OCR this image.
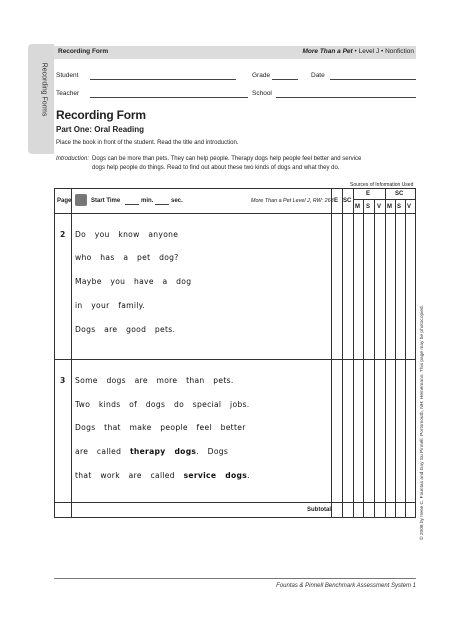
Recording Forms
Recording Form	More Than a Pet • Level J • Nonfiction
Student	Grade	Date
Teacher	School
Recording Form
Part One: Oral Reading
Place the book in front of the student. Read the title and introduction.
Introduction: Dogs can be more than pets. They can help people. Therapy dogs help people feel better and service
dogs help people do things. Read to find out about these two kinds of dogs and what they do.
Sources of Information Used
Page	Start Time	min.	sec.	More Than a Pet Level J, RW: 263 E SC
E	SC
M S V M S V
2 Do you know anyone
who has a pet dog?
Maybe you have a dog
in your family.
Dogs are good pets.
3 Some dogs are more than pets.
Two kinds of dogs do special jobs.
Dogs that make people feel better
are called therapy dogs. Dogs
that work are called service dogs.
Subtotal	© 2008 by Irene C. Fountas and Gay Su Pinnell. Portsmouth, NH: Heinemann. This page may be photocopied.
Fountas & Pinnell Benchmark Assessment System 1
